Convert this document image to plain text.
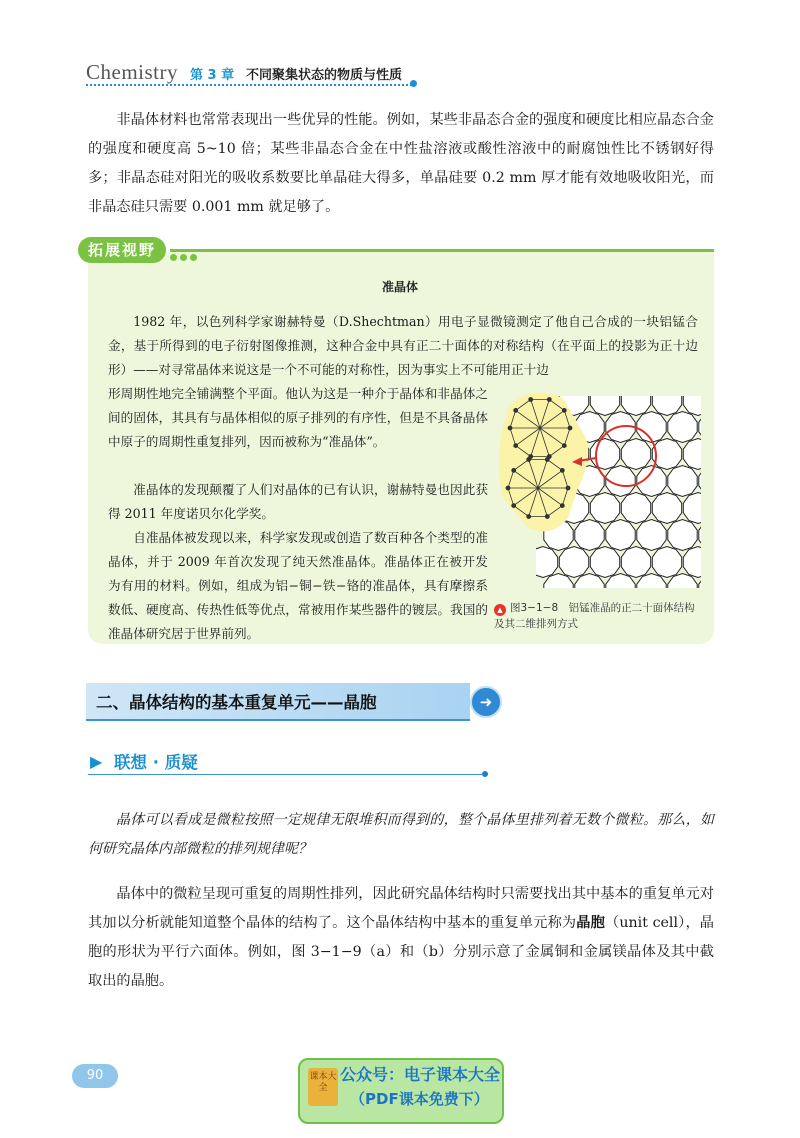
Chemistry 第 3 章 不同聚集状态的物质与性质
非晶体材料也常常表现出一些优异的性能。例如，某些非晶态合金的强度和硬度比相应晶态合金的强度和硬度高 5~10 倍；某些非晶态合金在中性盐溶液或酸性溶液中的耐腐蚀性比不锈钢好得多；非晶态硅对阳光的吸收系数要比单晶硅大得多，单晶硅要 0.2 mm 厚才能有效地吸收阳光，而非晶态硅只需要 0.001 mm 就足够了。
拓展视野
准晶体
1982 年，以色列科学家谢赫特曼（D.Shechtman）用电子显微镜测定了他自己合成的一块铝锰合金，基于所得到的电子衍射图像推测，这种合金中具有正二十面体的对称结构（在平面上的投影为正十边形）——对寻常晶体来说这是一个不可能的对称性，因为事实上不可能用正十边
形周期性地完全铺满整个平面。他认为这是一种介于晶体和非晶体之间的固体，其具有与晶体相似的原子排列的有序性，但是不具备晶体中原子的周期性重复排列，因而被称为“准晶体”。
准晶体的发现颠覆了人们对晶体的已有认识，谢赫特曼也因此获得 2011 年度诺贝尔化学奖。
自准晶体被发现以来，科学家发现或创造了数百种各个类型的准晶体，并于 2009 年首次发现了纯天然准晶体。准晶体正在被开发为有用的材料。例如，组成为铝−铜−铁−铬的准晶体，具有摩擦系数低、硬度高、传热性低等优点，常被用作某些器件的镀层。我国的准晶体研究居于世界前列。
▲ 图3−1−8　铝锰准晶的正二十面体结构及其二维排列方式
二、晶体结构的基本重复单元——晶胞	➜
▶ 联想 · 质疑
晶体可以看成是微粒按照一定规律无限堆积而得到的，整个晶体里排列着无数个微粒。那么，如何研究晶体内部微粒的排列规律呢？
晶体中的微粒呈现可重复的周期性排列，因此研究晶体结构时只需要找出其中基本的重复单元对其加以分析就能知道整个晶体的结构了。这个晶体结构中基本的重复单元称为晶胞（unit cell），晶胞的形状为平行六面体。例如，图 3−1−9（a）和（b）分别示意了金属铜和金属镁晶体及其中截取出的晶胞。
90	课本大全
公众号：电子课本大全
（PDF课本免费下）
